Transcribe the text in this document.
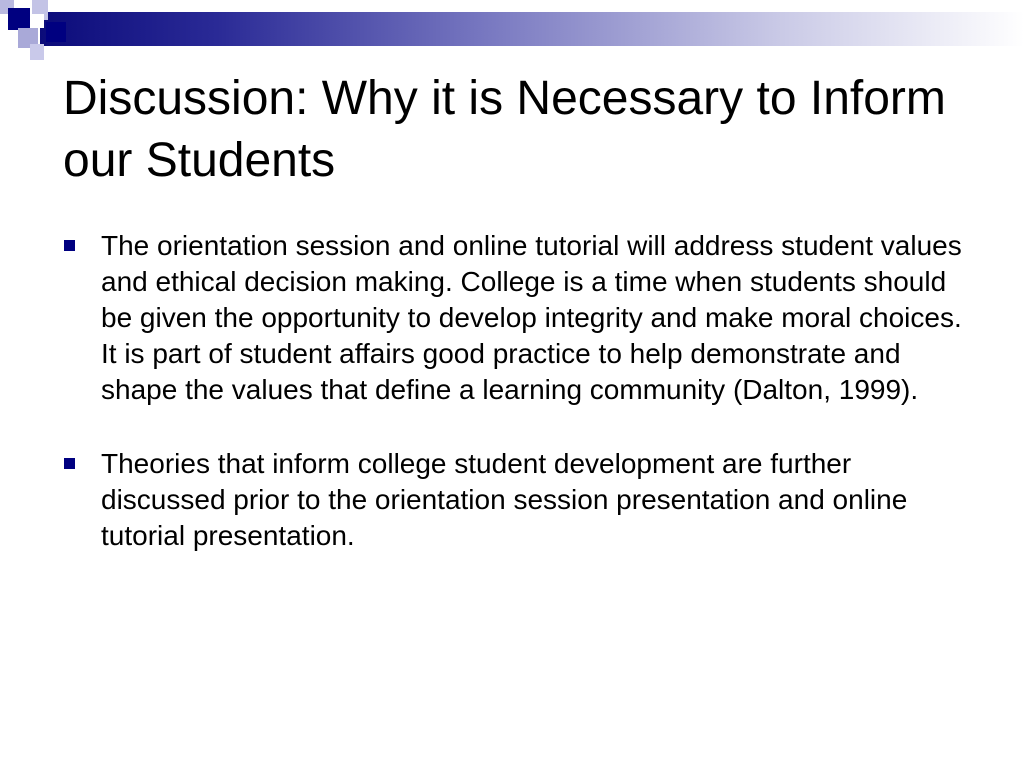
Discussion: Why it is Necessary to Inform our Students
The orientation session and online tutorial will address student values and ethical decision making. College is a time when students should be given the opportunity to develop integrity and make moral choices. It is part of student affairs good practice to help demonstrate and shape the values that define a learning community (Dalton, 1999).
Theories that inform college student development are further discussed prior to the orientation session presentation and online tutorial presentation.
